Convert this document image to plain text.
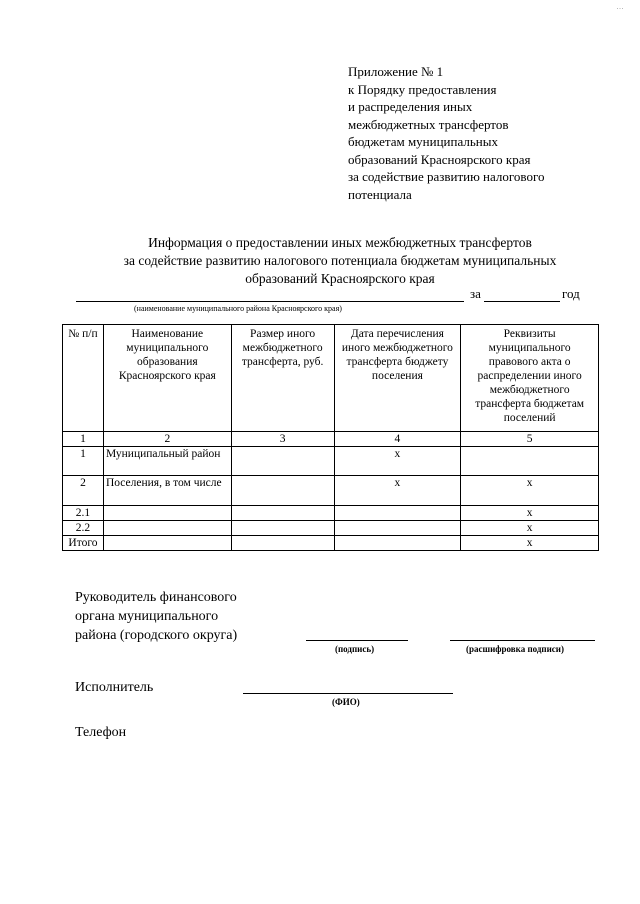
…
Приложение № 1
к Порядку предоставления
и распределения иных
межбюджетных трансфертов
бюджетам муниципальных
образований Красноярского края
за содействие развитию налогового
потенциала
Информация о предоставлении иных межбюджетных трансфертов
за содействие развитию налогового потенциала бюджетам муниципальных
образований Красноярского края
за	год
(наименование муниципального района Красноярского края)
№ п/п	Наименование муниципального образования Красноярского края	Размер иного межбюджетного трансферта, руб.	Дата перечисления иного межбюджетного трансферта бюджету поселения	Реквизиты муниципального правового акта о распределении иного межбюджетного трансферта бюджетам поселений
1	2	3	4	5
1	Муниципальный район		х	
2	Поселения, в том числе		х	х
2.1				х
2.2				х
Итого				х
Руководитель финансового
органа муниципального
района (городского округа)
(подпись)	(расшифровка подписи)
Исполнитель
(ФИО)
Телефон
